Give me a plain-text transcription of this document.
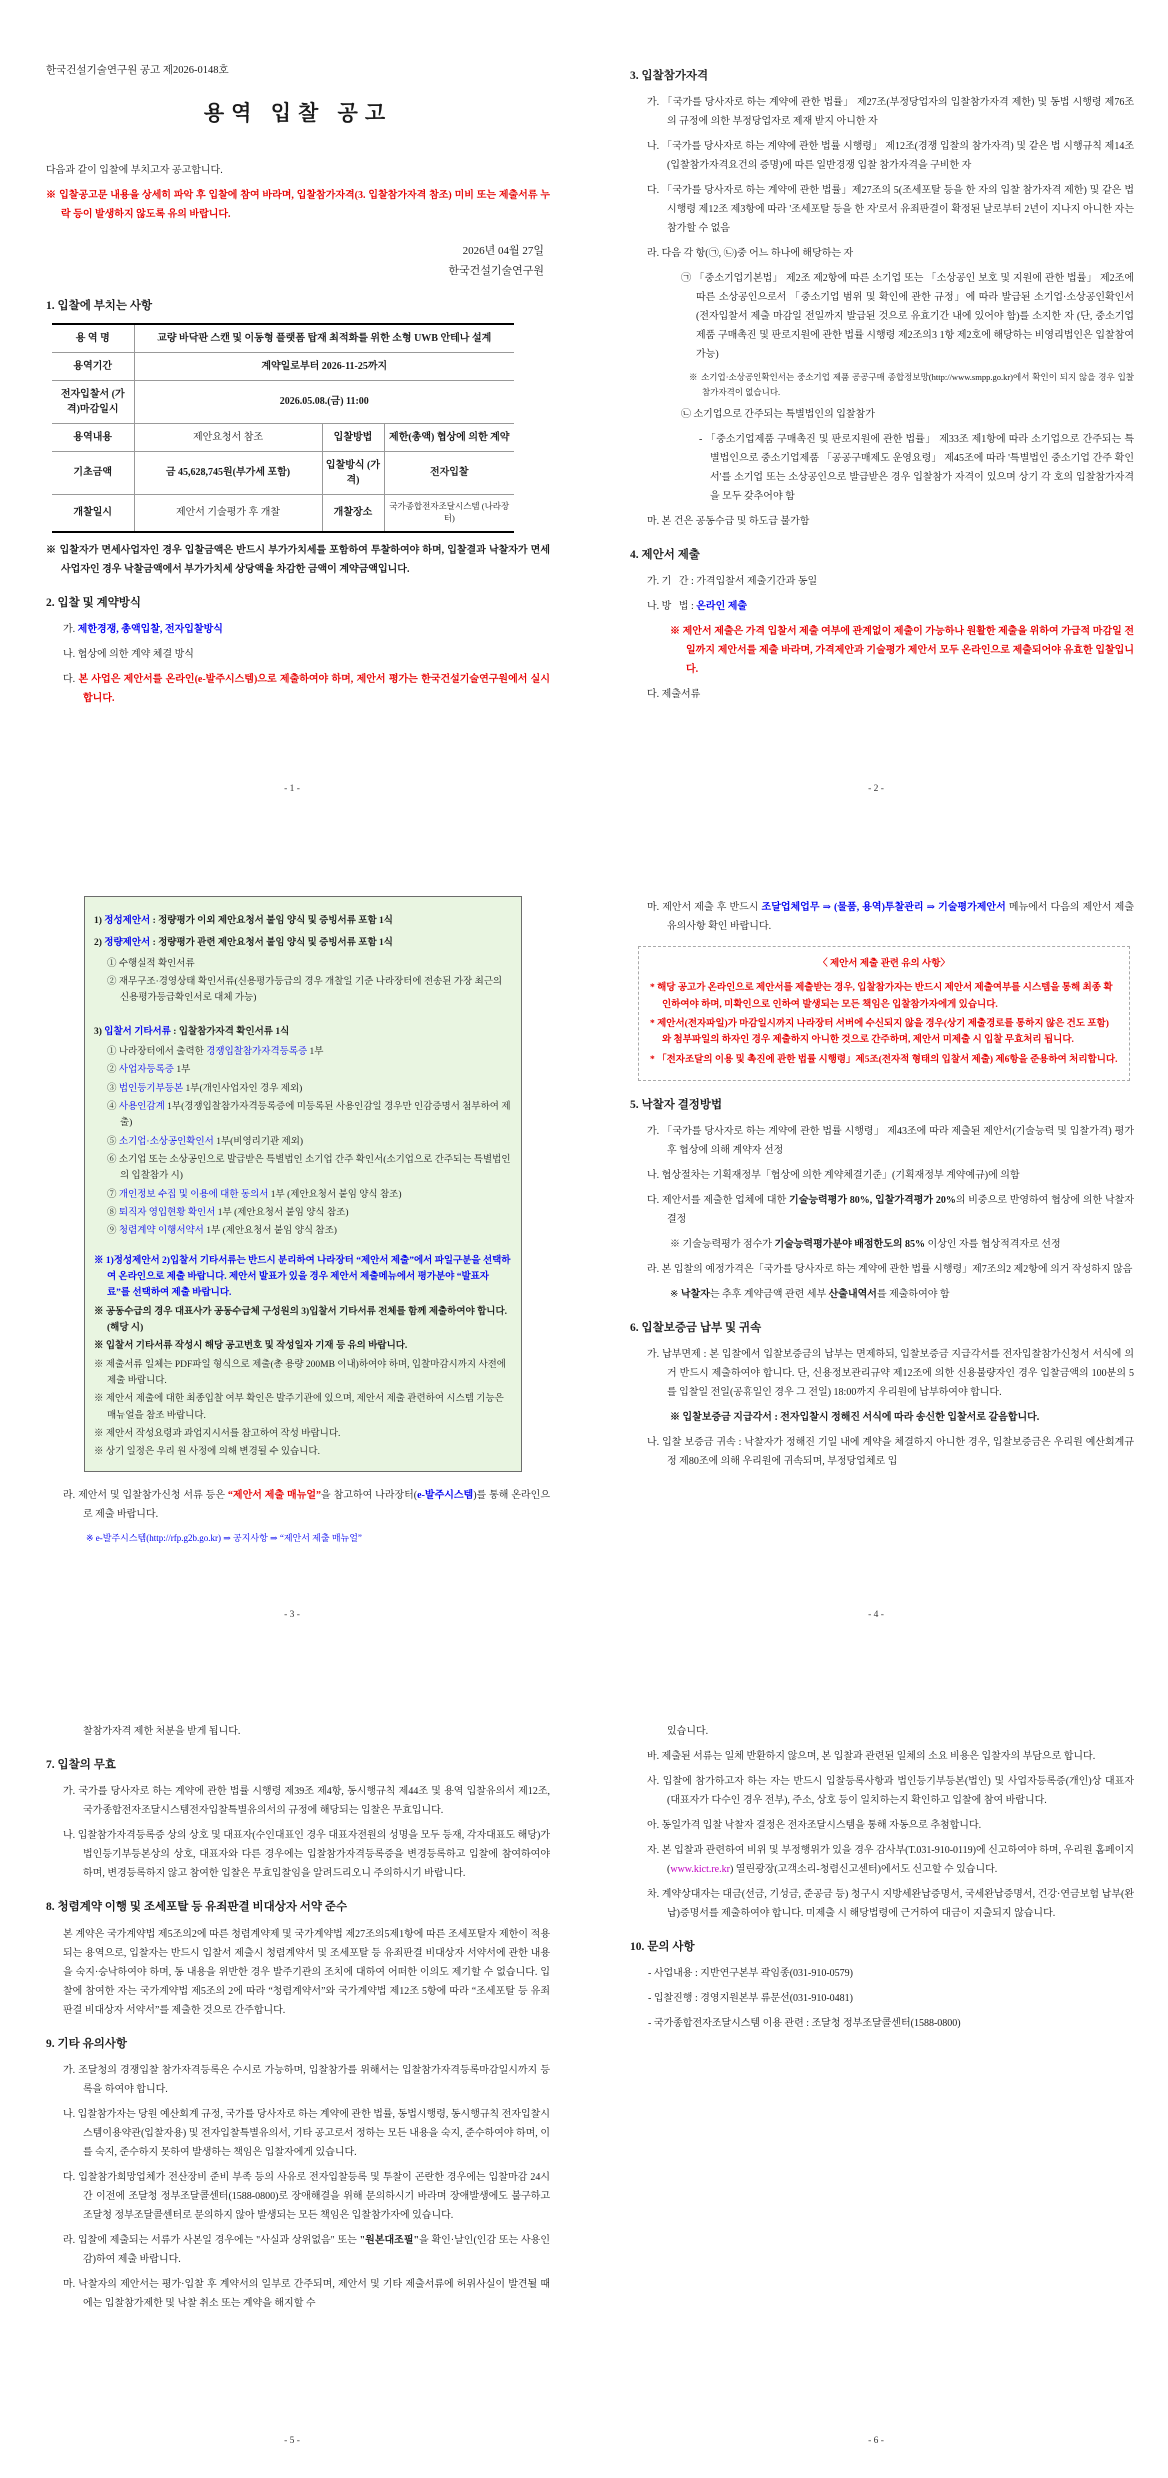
한국건설기술연구원 공고 제2026-0148호
용역 입찰 공고
다음과 같이 입찰에 부치고자 공고합니다.
※ 입찰공고문 내용을 상세히 파악 후 입찰에 참여 바라며, 입찰참가자격(3. 입찰참가자격 참조) 미비 또는 제출서류 누락 등이 발생하지 않도록 유의 바랍니다.
2026년 04월 27일
한국건설기술연구원
1. 입찰에 부치는 사항
용 역 명	교량 바닥판 스캔 및 이동형 플랫폼 탑재 최적화를 위한 소형 UWB 안테나 설계		
용역기간	계약일로부터 2026-11-25까지		
전자입찰서 (가격)마감일시	2026.05.08.(금) 11:00		
용역내용	제안요청서 참조	입찰방법	제한(총액) 협상에 의한 계약
기초금액	금 45,628,745원(부가세 포함)	입찰방식 (가격)	전자입찰
개찰일시	제안서 기술평가 후 개찰	개찰장소	국가종합전자조달시스템 (나라장터)
※ 입찰자가 면세사업자인 경우 입찰금액은 반드시 부가가치세를 포함하여 투찰하여야 하며, 입찰결과 낙찰자가 면세 사업자인 경우 낙찰금액에서 부가가치세 상당액을 차감한 금액이 계약금액입니다.
2. 입찰 및 계약방식
가. 제한경쟁, 총액입찰, 전자입찰방식
나. 협상에 의한 계약 체결 방식
다. 본 사업은 제안서를 온라인(e-발주시스템)으로 제출하여야 하며, 제안서 평가는 한국건설기술연구원에서 실시합니다.
- 1 -
3. 입찰참가자격
가. 「국가를 당사자로 하는 계약에 관한 법률」 제27조(부정당업자의 입찰참가자격 제한) 및 동법 시행령 제76조의 규정에 의한 부정당업자로 제재 받지 아니한 자
나. 「국가를 당사자로 하는 계약에 관한 법률 시행령」 제12조(경쟁 입찰의 참가자격) 및 같은 법 시행규칙 제14조(입찰참가자격요건의 증명)에 따른 일반경쟁 입찰 참가자격을 구비한 자
다. 「국가를 당사자로 하는 계약에 관한 법률」제27조의 5(조세포탈 등을 한 자의 입찰 참가자격 제한) 및 같은 법 시행령 제12조 제3항에 따라 '조세포탈 등을 한 자'로서 유죄판결이 확정된 날로부터 2년이 지나지 아니한 자는 참가할 수 없음
라. 다음 각 항(㉠, ㉡)중 어느 하나에 해당하는 자
㉠ 「중소기업기본법」 제2조 제2항에 따른 소기업 또는 「소상공인 보호 및 지원에 관한 법률」 제2조에 따른 소상공인으로서 「중소기업 범위 및 확인에 관한 규정」에 따라 발급된 소기업·소상공인확인서(전자입찰서 제출 마감일 전일까지 발급된 것으로 유효기간 내에 있어야 함)를 소지한 자 (단, 중소기업제품 구매촉진 및 판로지원에 관한 법률 시행령 제2조의3 1항 제2호에 해당하는 비영리법인은 입찰참여 가능)
※ 소기업·소상공인확인서는 중소기업 제품 공공구매 종합정보망(http://www.smpp.go.kr)에서 확인이 되지 않을 경우 입찰참가자격이 없습니다.
㉡ 소기업으로 간주되는 특별법인의 입찰참가
- 「중소기업제품 구매촉진 및 판로지원에 관한 법률」 제33조 제1항에 따라 소기업으로 간주되는 특별법인으로 중소기업제품 「공공구매제도 운영요령」 제45조에 따라 '특별법인 중소기업 간주 확인서'를 소기업 또는 소상공인으로 발급받은 경우 입찰참가 자격이 있으며 상기 각 호의 입찰참가자격을 모두 갖추어야 함
마. 본 건은 공동수급 및 하도급 불가함
4. 제안서 제출
가. 기   간 : 가격입찰서 제출기간과 동일
나. 방   법 : 온라인 제출
※ 제안서 제출은 가격 입찰서 제출 여부에 관계없이 제출이 가능하나 원활한 제출을 위하여 가급적 마감일 전일까지 제안서를 제출 바라며, 가격제안과 기술평가 제안서 모두 온라인으로 제출되어야 유효한 입찰입니다.
다. 제출서류
- 2 -
1) 정성제안서 : 정량평가 이외 제안요청서 붙임 양식 및 증빙서류 포함 1식
2) 정량제안서 : 정량평가 관련 제안요청서 붙임 양식 및 증빙서류 포함 1식
① 수행실적 확인서류
② 재무구조·경영상태 확인서류(신용평가등급의 경우 개찰일 기준 나라장터에 전송된 가장 최근의 신용평가등급확인서로 대체 가능)
3) 입찰서 기타서류 : 입찰참가자격 확인서류 1식
① 나라장터에서 출력한 경쟁입찰참가자격등록증 1부
② 사업자등록증 1부
③ 법인등기부등본 1부(개인사업자인 경우 제외)
④ 사용인감계 1부(경쟁입찰참가자격등록증에 미등록된 사용인감일 경우만 인감증명서 첨부하여 제출)
⑤ 소기업·소상공인확인서 1부(비영리기관 제외)
⑥ 소기업 또는 소상공인으로 발급받은 특별법인 소기업 간주 확인서(소기업으로 간주되는 특별법인의 입찰참가 시)
⑦ 개인정보 수집 및 이용에 대한 동의서 1부 (제안요청서 붙임 양식 참조)
⑧ 퇴직자 영입현황 확인서 1부 (제안요청서 붙임 양식 참조)
⑨ 청렴계약 이행서약서 1부 (제안요청서 붙임 양식 참조)
※ 1)정성제안서 2)입찰서 기타서류는 반드시 분리하여 나라장터 “제안서 제출”에서 파일구분을 선택하여 온라인으로 제출 바랍니다. 제안서 발표가 있을 경우 제안서 제출메뉴에서 평가분야 “발표자료”를 선택하여 제출 바랍니다.
※ 공동수급의 경우 대표사가 공동수급체 구성원의 3)입찰서 기타서류 전체를 함께 제출하여야 합니다.(해당 시)
※ 입찰서 기타서류 작성시 해당 공고번호 및 작성일자 기재 등 유의 바랍니다.
※ 제출서류 일체는 PDF파일 형식으로 제출(총 용량 200MB 이내)하여야 하며, 입찰마감시까지 사전에 제출 바랍니다.
※ 제안서 제출에 대한 최종입찰 여부 확인은 발주기관에 있으며, 제안서 제출 관련하여 시스템 기능은 매뉴얼을 참조 바랍니다.
※ 제안서 작성요령과 과업지시서를 참고하여 작성 바랍니다.
※ 상기 일정은 우리 원 사정에 의해 변경될 수 있습니다.
라. 제안서 및 입찰참가신청 서류 등은 “제안서 제출 매뉴얼”을 참고하여 나라장터(e-발주시스템)를 통해 온라인으로 제출 바랍니다.
※ e-발주시스템(http://rfp.g2b.go.kr) ⇒ 공지사항 ⇒ “제안서 제출 매뉴얼”
- 3 -
마. 제안서 제출 후 반드시 조달업체업무 ⇒ (물품, 용역)투찰관리 ⇒ 기술평가제안서 메뉴에서 다음의 제안서 제출 유의사항 확인 바랍니다.
〈 제안서 제출 관련 유의 사항〉
* 해당 공고가 온라인으로 제안서를 제출받는 경우, 입찰참가자는 반드시 제안서 제출여부를 시스템을 통해 최종 확인하여야 하며, 미확인으로 인하여 발생되는 모든 책임은 입찰참가자에게 있습니다.
* 제안서(전자파일)가 마감일시까지 나라장터 서버에 수신되지 않을 경우(상기 제출경로를 통하지 않은 건도 포함)와 첨부파일의 하자인 경우 제출하지 아니한 것으로 간주하며, 제안서 미제출 시 입찰 무효처리 됩니다.
* 「전자조달의 이용 및 촉진에 관한 법률 시행령」제5조(전자적 형태의 입찰서 제출) 제6항을 준용하여 처리합니다.
5. 낙찰자 결정방법
가. 「국가를 당사자로 하는 계약에 관한 법률 시행령」 제43조에 따라 제출된 제안서(기술능력 및 입찰가격) 평가 후 협상에 의해 계약자 선정
나. 협상절차는 기획재정부「협상에 의한 계약체결기준」(기획재정부 계약예규)에 의함
다. 제안서를 제출한 업체에 대한 기술능력평가 80%, 입찰가격평가 20%의 비중으로 반영하여 협상에 의한 낙찰자 결정
※ 기술능력평가 점수가 기술능력평가분야 배점한도의 85% 이상인 자를 협상적격자로 선정
라. 본 입찰의 예정가격은「국가를 당사자로 하는 계약에 관한 법률 시행령」제7조의2 제2항에 의거 작성하지 않음
※ 낙찰자는 추후 계약금액 관련 세부 산출내역서를 제출하여야 함
6. 입찰보증금 납부 및 귀속
가. 납부면제 : 본 입찰에서 입찰보증금의 납부는 면제하되, 입찰보증금 지급각서를 전자입찰참가신청서 서식에 의거 반드시 제출하여야 합니다. 단, 신용정보관리규약 제12조에 의한 신용불량자인 경우 입찰금액의 100분의 5를 입찰일 전일(공휴일인 경우 그 전일) 18:00까지 우리원에 납부하여야 합니다.
※ 입찰보증금 지급각서 : 전자입찰시 정해진 서식에 따라 송신한 입찰서로 갈음합니다.
나. 입찰 보증금 귀속 : 낙찰자가 정해진 기일 내에 계약을 체결하지 아니한 경우, 입찰보증금은 우리원 예산회계규정 제80조에 의해 우리원에 귀속되며, 부정당업체로 입
- 4 -
찰참가자격 제한 처분을 받게 됩니다.
7. 입찰의 무효
가. 국가를 당사자로 하는 계약에 관한 법률 시행령 제39조 제4항, 동시행규칙 제44조 및 용역 입찰유의서 제12조, 국가종합전자조달시스템전자입찰특별유의서의 규정에 해당되는 입찰은 무효입니다.
나. 입찰참가자격등록증 상의 상호 및 대표자(수인대표인 경우 대표자전원의 성명을 모두 등재, 각자대표도 해당)가 법인등기부등본상의 상호, 대표자와 다른 경우에는 입찰참가자격등록증을 변경등록하고 입찰에 참여하여야 하며, 변경등록하지 않고 참여한 입찰은 무효입찰임을 알려드리오니 주의하시기 바랍니다.
8. 청렴계약 이행 및 조세포탈 등 유죄판결 비대상자 서약 준수
본 계약은 국가계약법 제5조의2에 따른 청렴계약제 및 국가계약법 제27조의5제1항에 따른 조세포탈자 제한이 적용되는 용역으로, 입찰자는 반드시 입찰서 제출시 청렴계약서 및 조세포탈 등 유죄판결 비대상자 서약서에 관한 내용을 숙지·승낙하여야 하며, 동 내용을 위반한 경우 발주기관의 조치에 대하여 어떠한 이의도 제기할 수 없습니다. 입찰에 참여한 자는 국가계약법 제5조의 2에 따라 “청렴계약서”와 국가계약법 제12조 5항에 따라 “조세포탈 등 유죄판결 비대상자 서약서”를 제출한 것으로 간주합니다.
9. 기타 유의사항
가. 조달청의 경쟁입찰 참가자격등록은 수시로 가능하며, 입찰참가를 위해서는 입찰참가자격등록마감일시까지 등록을 하여야 합니다.
나. 입찰참가자는 당원 예산회계 규정, 국가를 당사자로 하는 계약에 관한 법률, 동법시행령, 동시행규칙 전자입찰시스템이용약관(입찰자용) 및 전자입찰특별유의서, 기타 공고로서 정하는 모든 내용을 숙지, 준수하여야 하며, 이를 숙지, 준수하지 못하여 발생하는 책임은 입찰자에게 있습니다.
다. 입찰참가희망업체가 전산장비 준비 부족 등의 사유로 전자입찰등록 및 투찰이 곤란한 경우에는 입찰마감 24시간 이전에 조달청 정부조달콜센터(1588-0800)로 장애해결을 위해 문의하시기 바라며 장애발생에도 불구하고 조달청 정부조달콜센터로 문의하지 않아 발생되는 모든 책임은 입찰참가자에 있습니다.
라. 입찰에 제출되는 서류가 사본일 경우에는 "사실과 상위없음" 또는 "원본대조필"을 확인·날인(인감 또는 사용인감)하여 제출 바랍니다.
마. 낙찰자의 제안서는 평가·입찰 후 계약서의 일부로 간주되며, 제안서 및 기타 제출서류에 허위사실이 발견될 때에는 입찰참가제한 및 낙찰 취소 또는 계약을 해지할 수
- 5 -
있습니다.
바. 제출된 서류는 일체 반환하지 않으며, 본 입찰과 관련된 일체의 소요 비용은 입찰자의 부담으로 합니다.
사. 입찰에 참가하고자 하는 자는 반드시 입찰등록사항과 법인등기부등본(법인) 및 사업자등록증(개인)상 대표자(대표자가 다수인 경우 전부), 주소, 상호 등이 일치하는지 확인하고 입찰에 참여 바랍니다.
아. 동일가격 입찰 낙찰자 결정은 전자조달시스템을 통해 자동으로 추첨합니다.
자. 본 입찰과 관련하여 비위 및 부정행위가 있을 경우 감사부(T.031-910-0119)에 신고하여야 하며, 우리원 홈페이지(www.kict.re.kr) 열린광장(고객소리-청렴신고센터)에서도 신고할 수 있습니다.
차. 계약상대자는 대금(선금, 기성금, 준공금 등) 청구시 지방세완납증명서, 국세완납증명서, 건강·연금보험 납부(완납)증명서를 제출하여야 합니다. 미제출 시 해당법령에 근거하여 대금이 지출되지 않습니다.
10. 문의 사항
- 사업내용 : 지반연구본부 곽임종(031-910-0579)
- 입찰진행 : 경영지원본부 류문선(031-910-0481)
- 국가종합전자조달시스템 이용 관련 : 조달청 정부조달콜센터(1588-0800)
- 6 -
